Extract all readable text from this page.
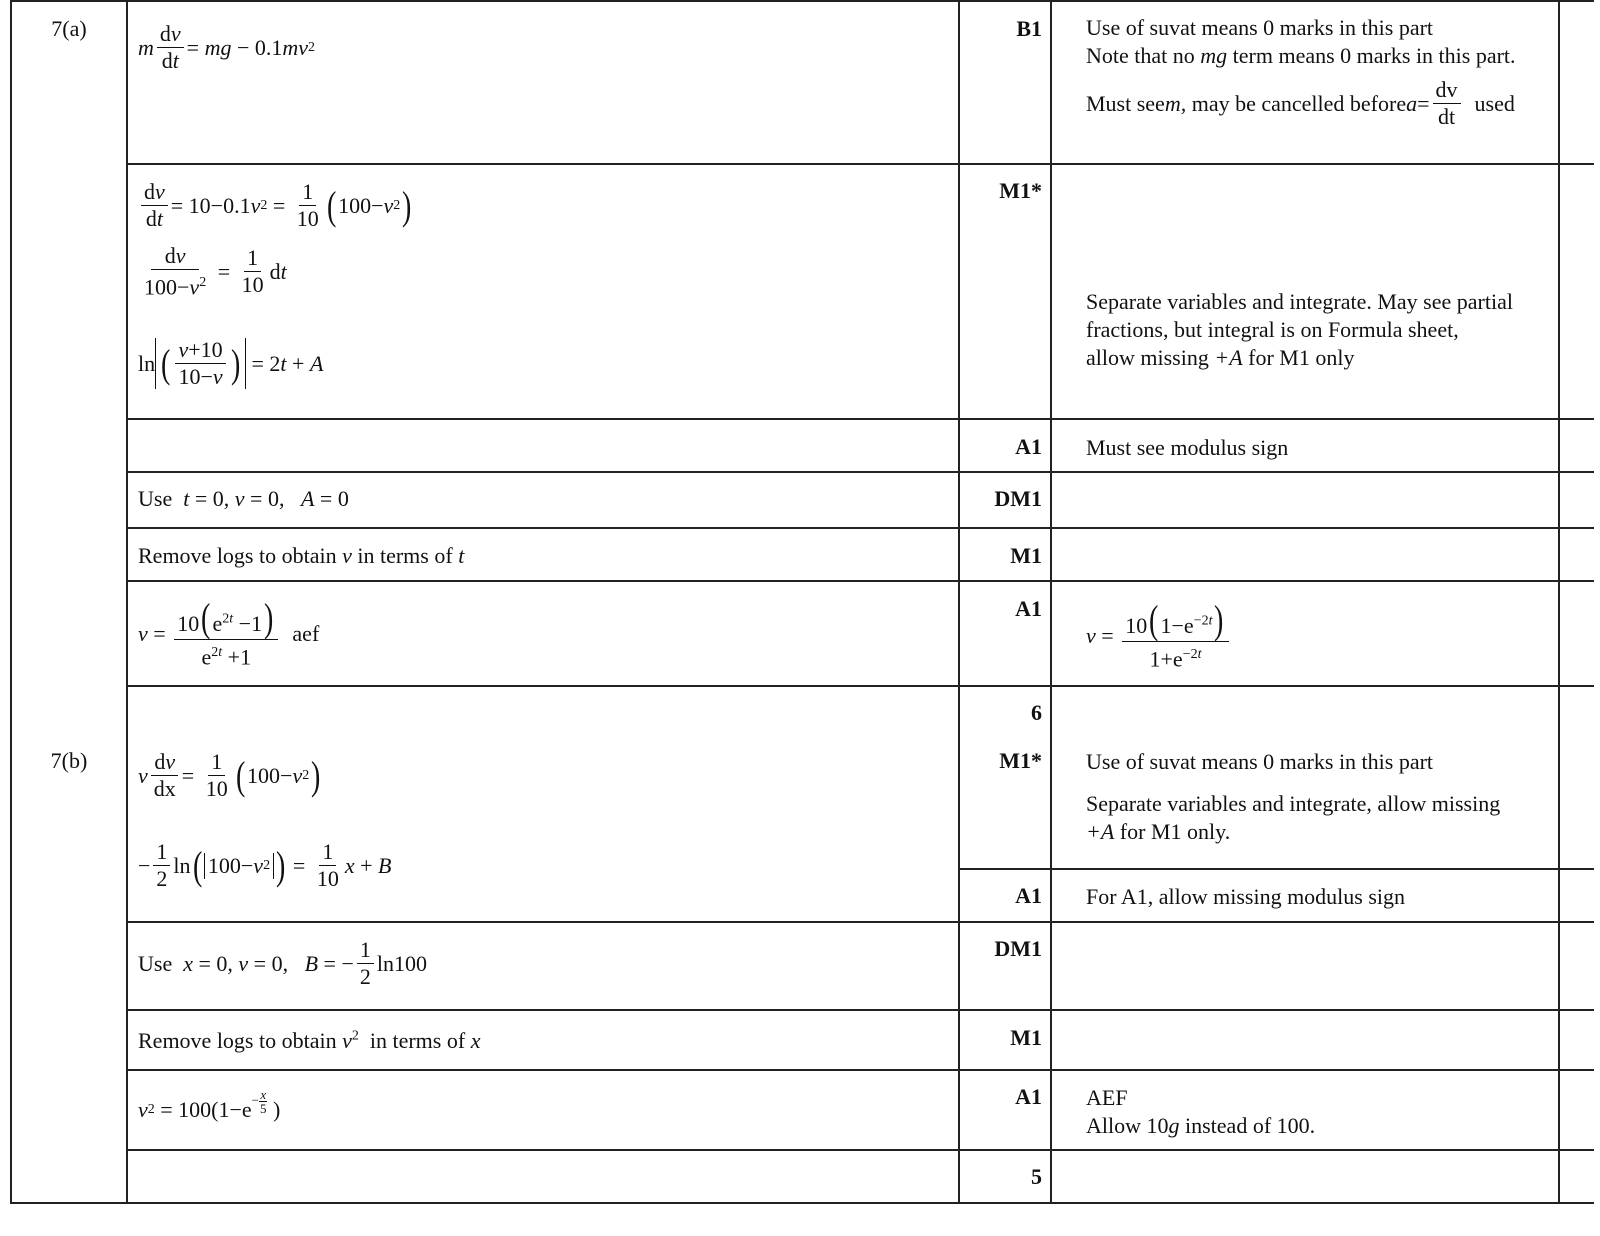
7(a)
7(b)
B1
M1*
A1
DM1
M1
A1
6
M1*
A1
DM1
M1
A1
5
Use of suvat means 0 marks in this part
Note that no mg term means 0 marks in this part.
Must see m,
may be cancelled before $a = \frac{dv}{dt}$
used
Separate variables and integrate. May see partial
fractions, but integral is on Formula sheet,
allow missing +A for M1 only
Must see modulus sign
$v = \frac{10(1-e^{-2t})}{1+e^{-2t}}$
Use of suvat means 0 marks in this part
Separate variables and integrate, allow missing
+A for M1 only.
For A1, allow missing modulus sign
AEF
Allow 10g instead of 100.
m $\frac{dv}{dt}$ = mg − 0.1 mv 2
$\frac{dv}{dt} = 10-0.1$ v $2 = \frac{1}{10}$ ( 100− v 2 )
$\frac{dv}{100-v^2} = \frac{1}{10}$ d t
ln ( $\frac{v+10}{10-v}$ ) = 2 t + A
Use
t = 0, v = 0, A = 0
Remove logs to obtain v in terms of t
$v = \frac{10(e^{2t} -1)}{e^{2t} +1}$
aef
v $\frac{dv}{dx} = \frac{1}{10}$ ( 100− v 2 )
− $\frac{1}{2}$ ln ( 100− v 2 ) = $\frac{1}{10}$ x + B
Use
x = 0, v = 0, B = − $\frac{1}{2} \ln 100$
Remove logs to obtain $v^2$  in terms of x
v $2 = 100(1-e^{- \frac{x}{5}}$ )
